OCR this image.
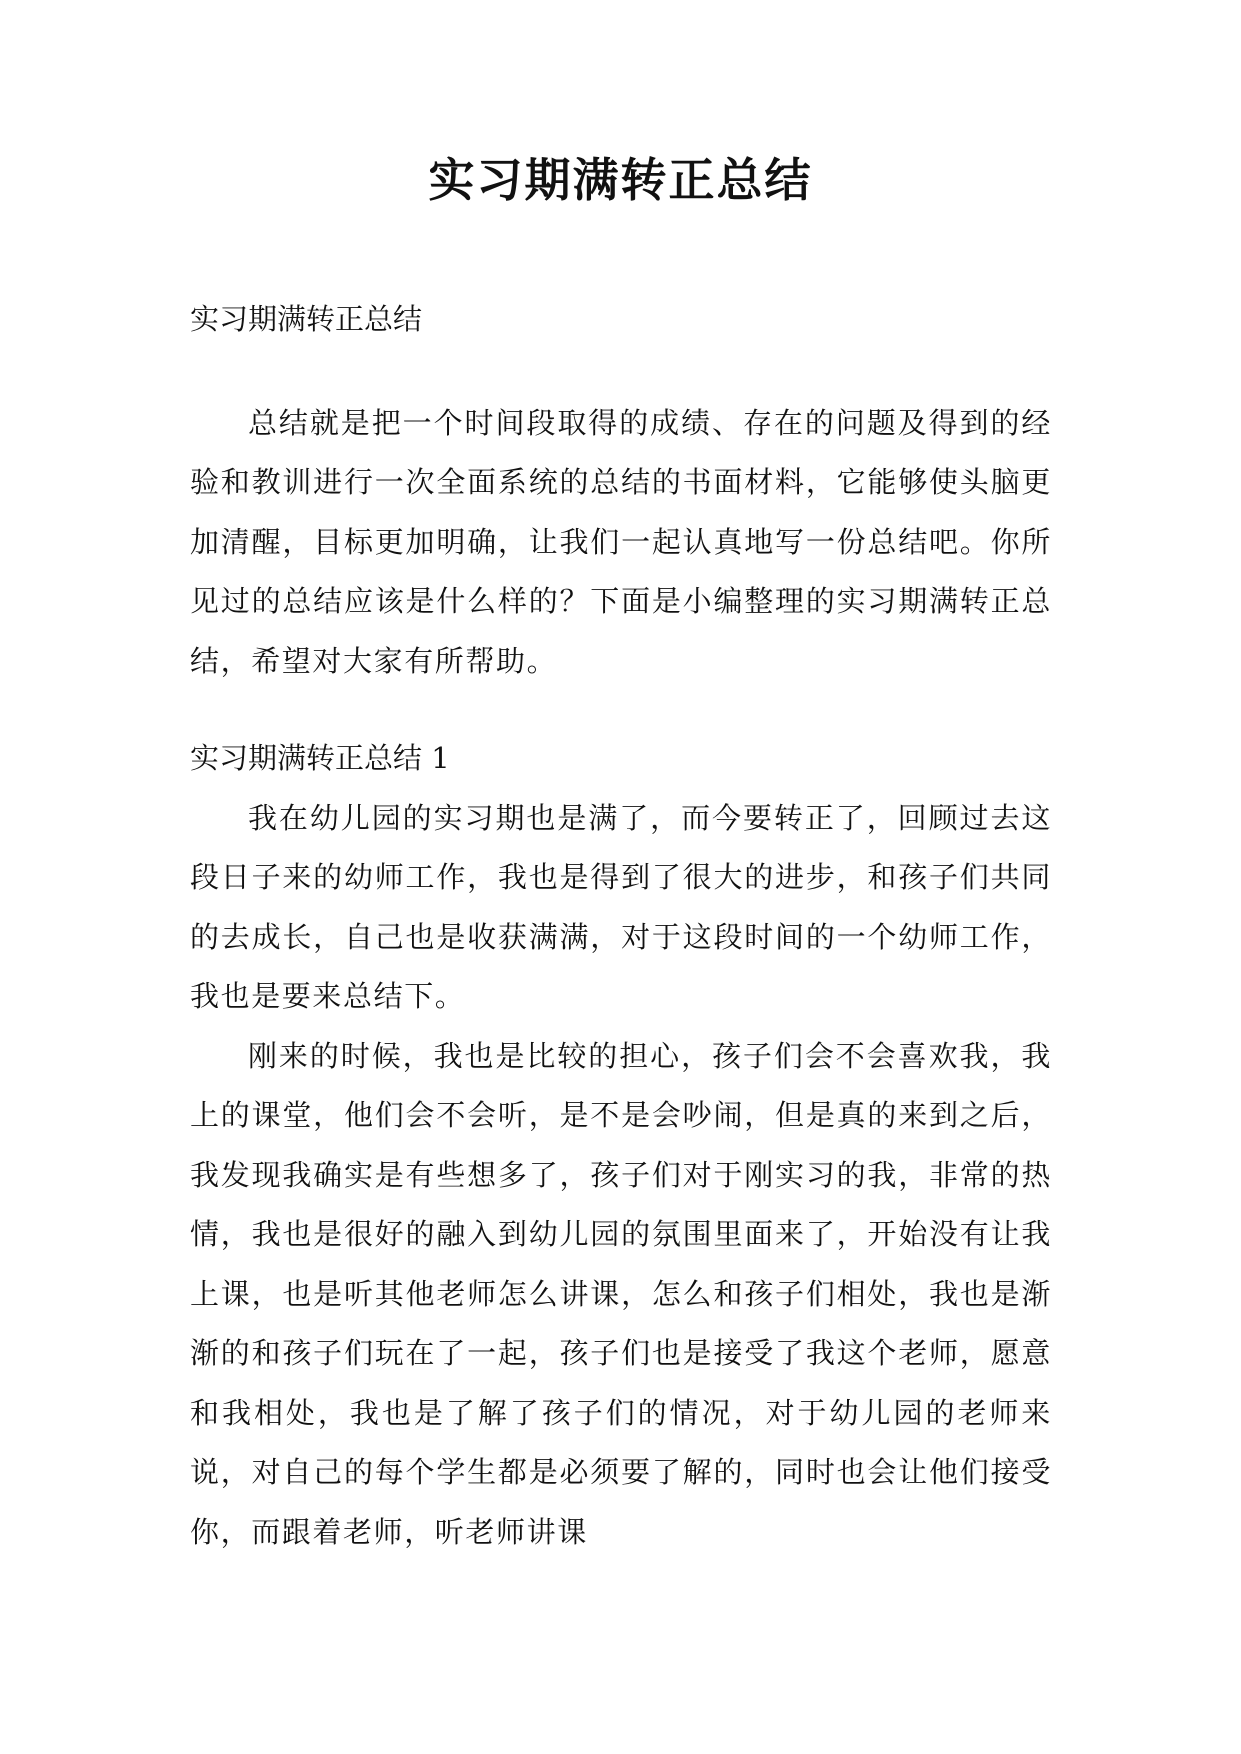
实习期满转正总结

实习期满转正总结

总结就是把一个时间段取得的成绩、存在的问题及得到的经验和教训进行一次全面系统的总结的书面材料，它能够使头脑更加清醒，目标更加明确，让我们一起认真地写一份总结吧。你所见过的总结应该是什么样的？下面是小编整理的实习期满转正总结，希望对大家有所帮助。

实习期满转正总结 1

我在幼儿园的实习期也是满了，而今要转正了，回顾过去这段日子来的幼师工作，我也是得到了很大的进步，和孩子们共同的去成长，自己也是收获满满，对于这段时间的一个幼师工作，我也是要来总结下。

刚来的时候，我也是比较的担心，孩子们会不会喜欢我，我上的课堂，他们会不会听，是不是会吵闹，但是真的来到之后，我发现我确实是有些想多了，孩子们对于刚实习的我，非常的热情，我也是很好的融入到幼儿园的氛围里面来了，开始没有让我上课，也是听其他老师怎么讲课，怎么和孩子们相处，我也是渐渐的和孩子们玩在了一起，孩子们也是接受了我这个老师，愿意和我相处，我也是了解了孩子们的情况，对于幼儿园的老师来说，对自己的每个学生都是必须要了解的，同时也会让他们接受你，而跟着老师，听老师讲课
